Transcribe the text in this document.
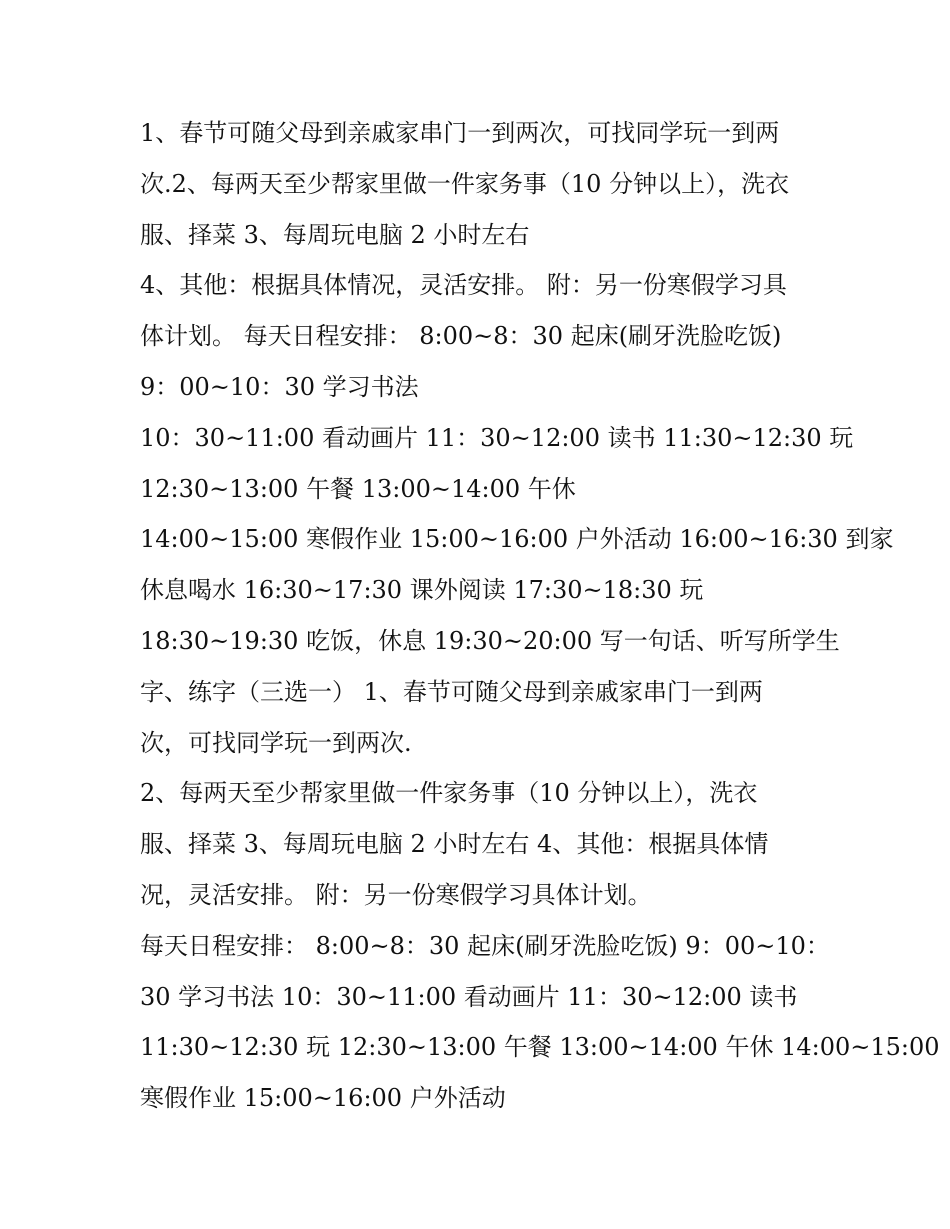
1、春节可随父母到亲戚家串门一到两次，可找同学玩一到两
次.2、每两天至少帮家里做一件家务事（10 分钟以上），洗衣
服、择菜 3、每周玩电脑 2 小时左右
4、其他：根据具体情况，灵活安排。 附：另一份寒假学习具
体计划。 每天日程安排： 8:00~8：30 起床(刷牙洗脸吃饭)
9：00~10：30 学习书法
10：30~11:00 看动画片 11：30~12:00 读书 11:30~12:30 玩
12:30~13:00 午餐 13:00~14:00 午休
14:00~15:00 寒假作业 15:00~16:00 户外活动 16:00~16:30 到家
休息喝水 16:30~17:30 课外阅读 17:30~18:30 玩
18:30~19:30 吃饭，休息 19:30~20:00 写一句话、听写所学生
字、练字（三选一） 1、春节可随父母到亲戚家串门一到两
次，可找同学玩一到两次.
2、每两天至少帮家里做一件家务事（10 分钟以上），洗衣
服、择菜 3、每周玩电脑 2 小时左右 4、其他：根据具体情
况，灵活安排。 附：另一份寒假学习具体计划。
每天日程安排： 8:00~8：30 起床(刷牙洗脸吃饭) 9：00~10：
30 学习书法 10：30~11:00 看动画片 11：30~12:00 读书
11:30~12:30 玩 12:30~13:00 午餐 13:00~14:00 午休 14:00~15:00
寒假作业 15:00~16:00 户外活动
